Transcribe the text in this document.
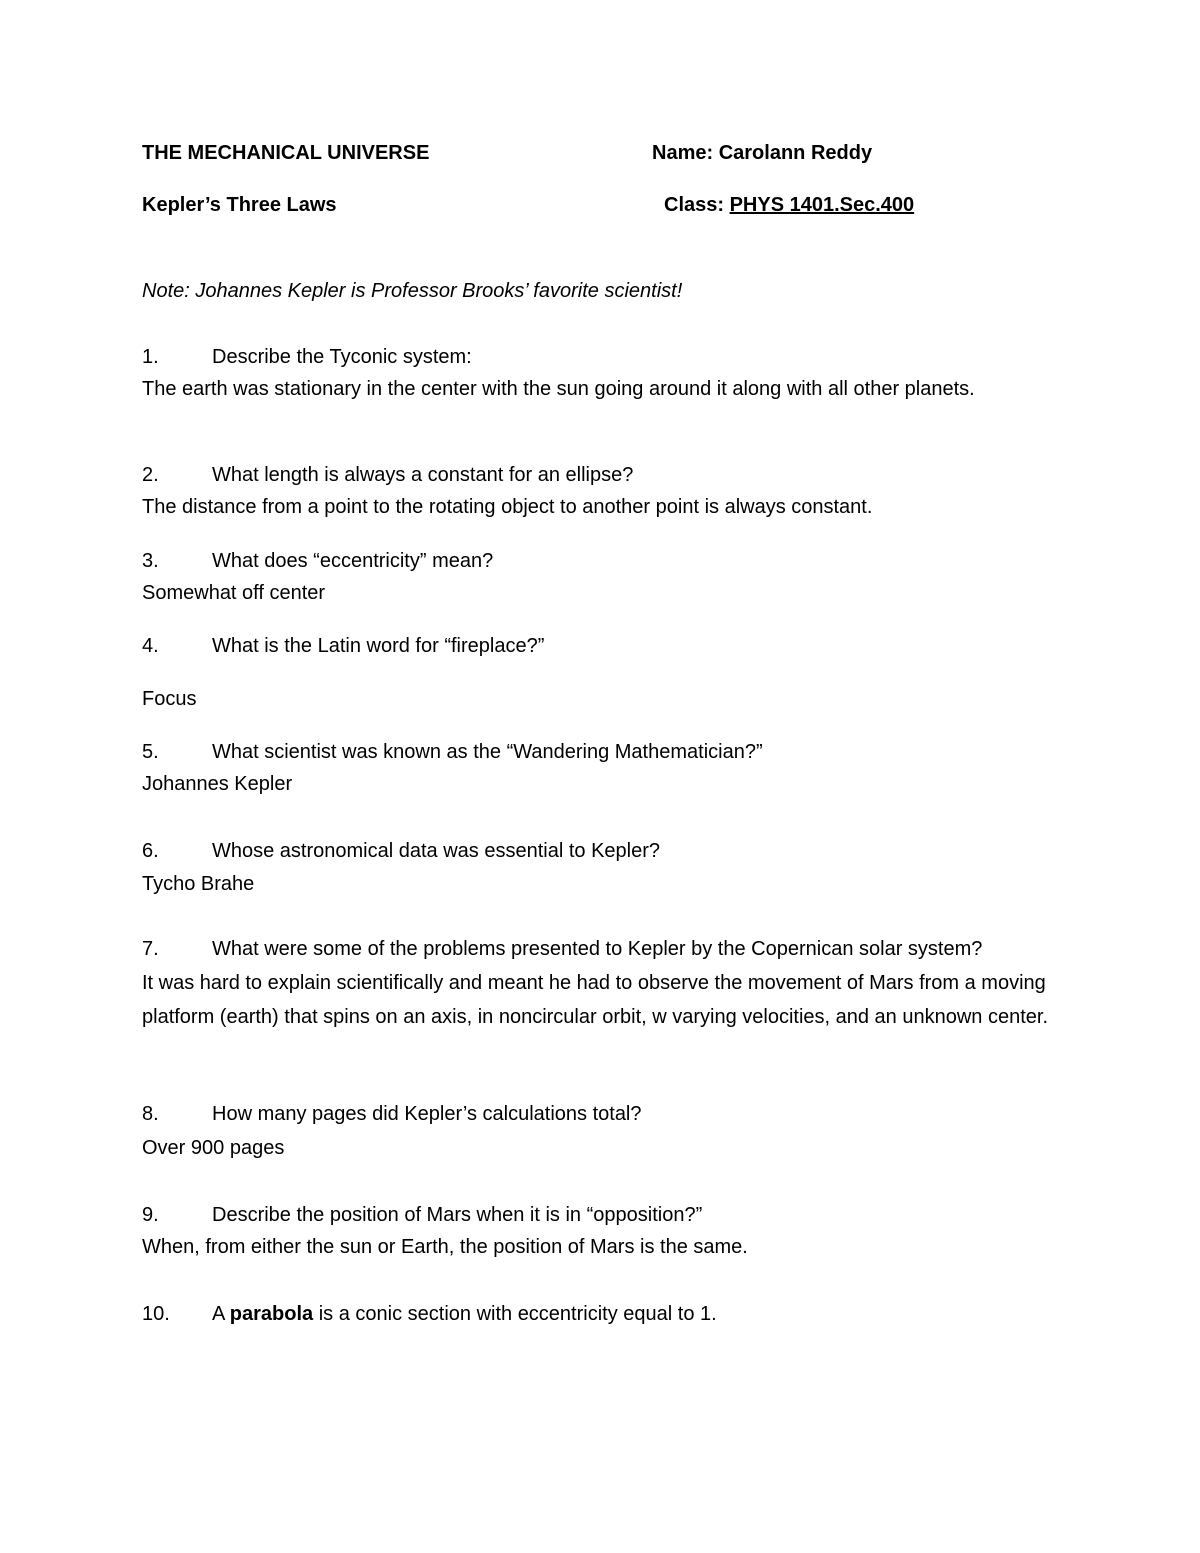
THE MECHANICAL UNIVERSE	Name: Carolann Reddy
Kepler’s Three Laws	Class: PHYS 1401.Sec.400
Note: Johannes Kepler is Professor Brooks’ favorite scientist!
1.	Describe the Tyconic system:
The earth was stationary in the center with the sun going around it along with all other planets.
2.	What length is always a constant for an ellipse?
The distance from a point to the rotating object to another point is always constant.
3.	What does “eccentricity” mean?
Somewhat off center
4.	What is the Latin word for “fireplace?”
Focus
5.	What scientist was known as the “Wandering Mathematician?”
Johannes Kepler
6.	Whose astronomical data was essential to Kepler?
Tycho Brahe
7.	What were some of the problems presented to Kepler by the Copernican solar system?
It was hard to explain scientifically and meant he had to observe the movement of Mars from a moving platform (earth) that spins on an axis, in noncircular orbit, w varying velocities, and an unknown center.
8.	How many pages did Kepler’s calculations total?
Over 900 pages
9.	Describe the position of Mars when it is in “opposition?”
When, from either the sun or Earth, the position of Mars is the same.
10. A parabola is a conic section with eccentricity equal to 1.
